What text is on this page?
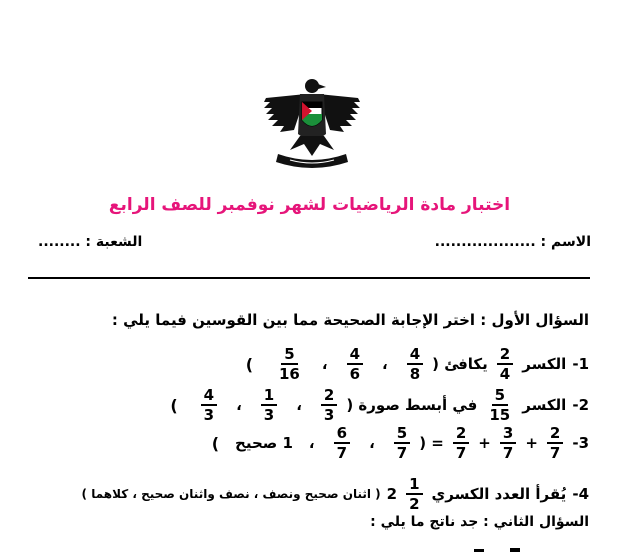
اختبار مادة الرياضيات لشهر نوفمبر للصف الرابع
الاسم : ...................
الشعبة : ........
السؤال الأول : اختر الإجابة الصحيحة مما بين القوسين فيما يلي :
1-
الكسر
$\frac{2}{4}$
يكافئ (
$\frac{4}{8}$
،
$\frac{4}{6}$
،
$\frac{5}{16}$
)
2-
الكسر
$\frac{5}{15}$
في أبسط صورة (
$\frac{2}{3}$
،
$\frac{1}{3}$
،
$\frac{4}{3}$
)
3-
$\frac{2}{7} + \frac{3}{7} + \frac{2}{7}$
= (
$\frac{5}{7}$
،
$\frac{6}{7}$
،
1 صحيح
)
4-
يُقرأ العدد الكسري
$2 \frac{1}{2}$
( اثنان صحيح ونصف ، نصف واثنان صحيح ، كلاهما )
السؤال الثاني : جد ناتج ما يلي :
